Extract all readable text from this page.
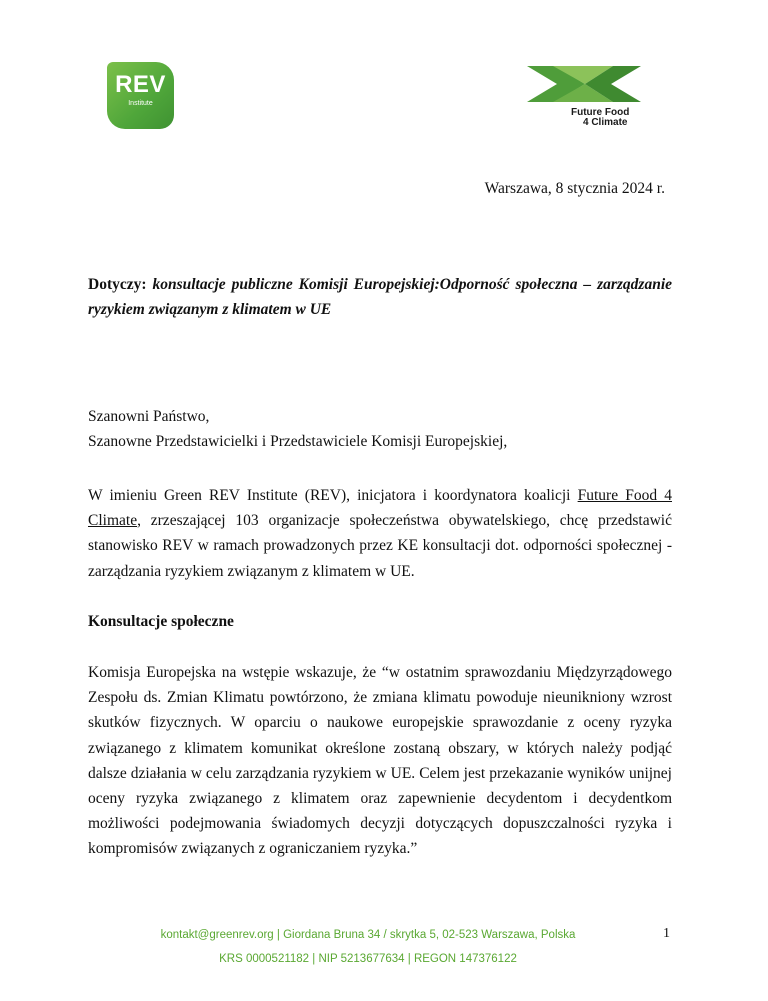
REV
Institute
Future Food
4 Climate
Warszawa, 8 stycznia 2024 r.
Dotyczy: konsultacje publiczne Komisji Europejskiej:Odporność społeczna – zarządzanie ryzykiem związanym z klimatem w UE
Szanowni Państwo,
Szanowne Przedstawicielki i Przedstawiciele Komisji Europejskiej,
W imieniu Green REV Institute (REV), inicjatora i koordynatora koalicji Future Food 4 Climate, zrzeszającej 103 organizacje społeczeństwa obywatelskiego, chcę przedstawić stanowisko REV w ramach prowadzonych przez KE konsultacji dot. odporności społecznej - zarządzania ryzykiem związanym z klimatem w UE.
Konsultacje społeczne
Komisja Europejska na wstępie wskazuje, że “w ostatnim sprawozdaniu Międzyrządowego Zespołu ds. Zmian Klimatu powtórzono, że zmiana klimatu powoduje nieunikniony wzrost skutków fizycznych. W oparciu o naukowe europejskie sprawozdanie z oceny ryzyka związanego z klimatem komunikat określone zostaną obszary, w których należy podjąć dalsze działania w celu zarządzania ryzykiem w UE. Celem jest przekazanie wyników unijnej oceny ryzyka związanego z klimatem oraz zapewnienie decydentom i decydentkom możliwości podejmowania świadomych decyzji dotyczących dopuszczalności ryzyka i kompromisów związanych z ograniczaniem ryzyka.”
kontakt@greenrev.org | Giordana Bruna 34 / skrytka 5, 02-523 Warszawa, Polska
KRS 0000521182 | NIP 5213677634 | REGON 147376122
1
